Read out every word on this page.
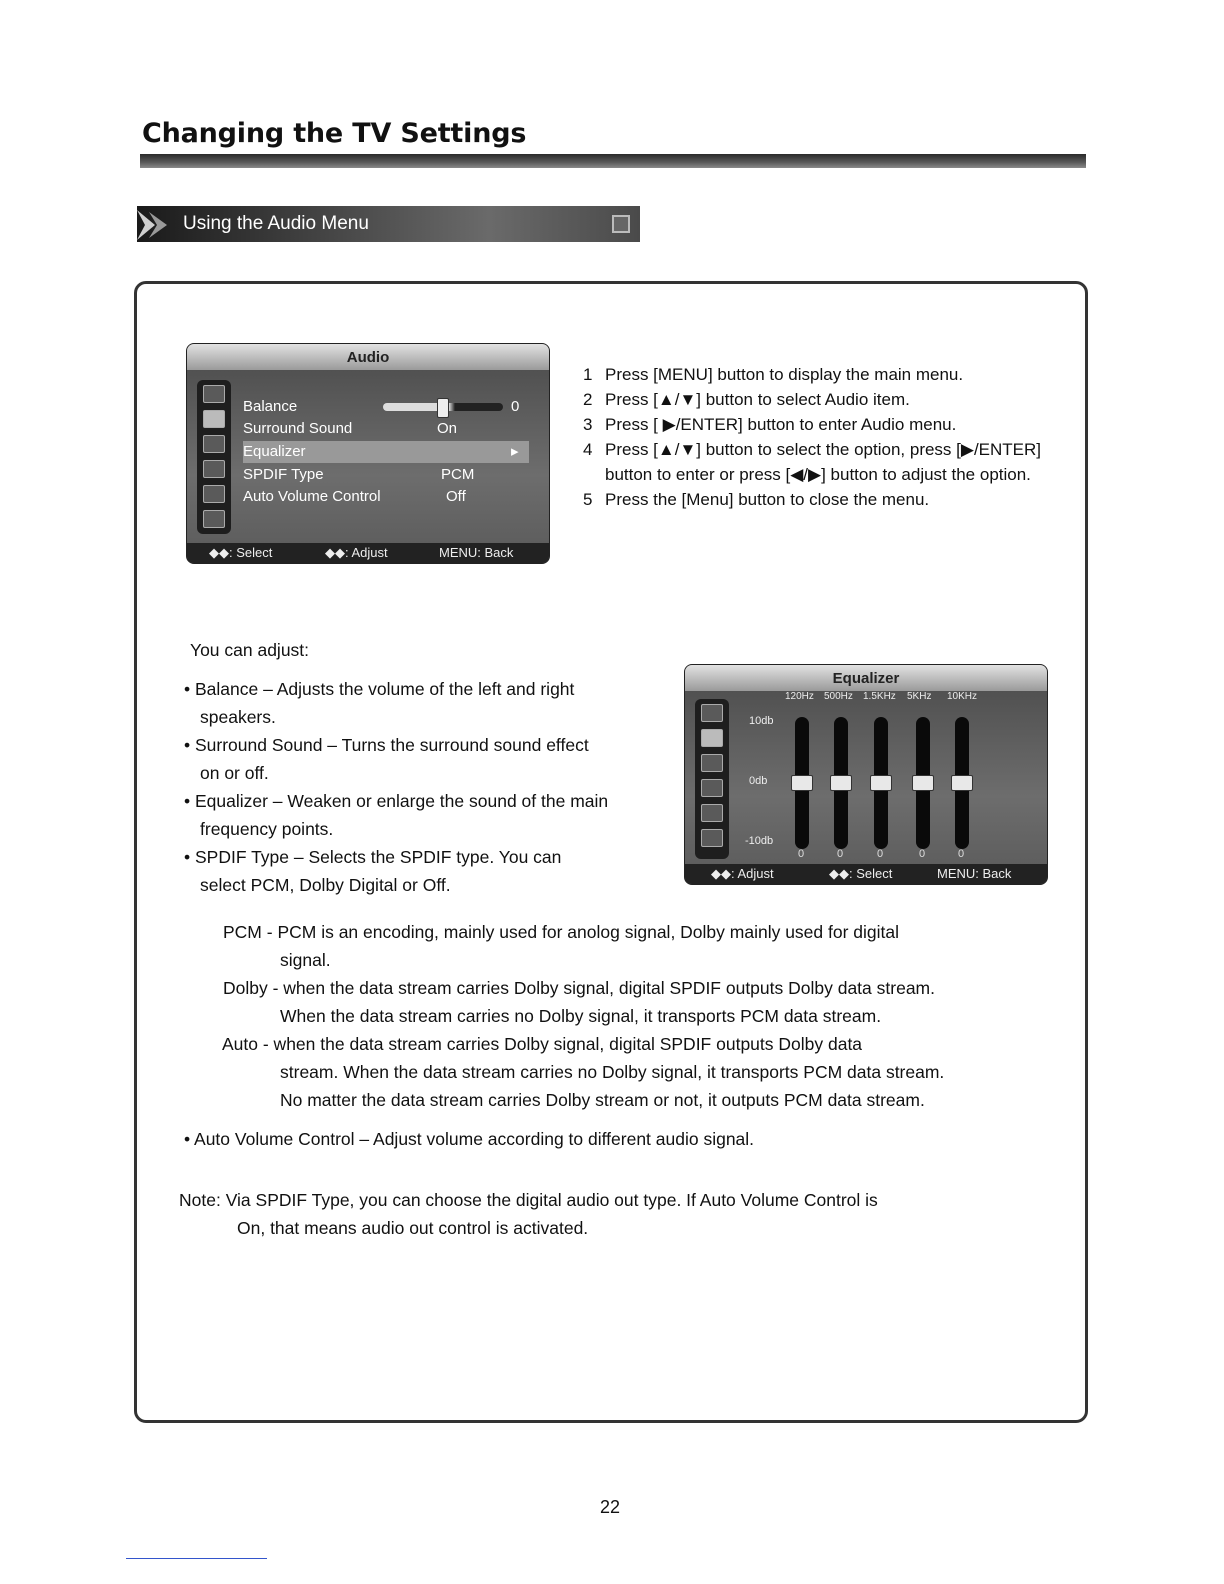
Changing the TV Settings
Using the Audio Menu
Audio
Balance	0
Surround Sound	On
Equalizer	▸
SPDIF Type	PCM
Auto Volume Control	Off
◆◆: Select	◆◆: Adjust	MENU: Back
1 Press [MENU] button to display the main menu.
2 Press [▲/▼] button to select Audio item.
3 Press [ ▶/ENTER] button to enter Audio menu.
4 Press [▲/▼] button to select the option, press [▶/ENTER] button to enter or press [◀/▶] button to adjust the option.
5 Press the [Menu] button to close the menu.
You can adjust:
• Balance – Adjusts the volume of the left and right
speakers.
• Surround Sound – Turns the surround sound effect
on or off.
• Equalizer – Weaken or enlarge the sound of the main
frequency points.
• SPDIF Type – Selects the SPDIF type. You can
select PCM, Dolby Digital or Off.
Equalizer
10db
0db
-10db
120Hz 500Hz 1.5KHz 5KHz 10KHz
0	0	0	0	0
◆◆: Adjust	◆◆: Select	MENU: Back
PCM - PCM is an encoding, mainly used for anolog signal, Dolby mainly used for digital
signal.
Dolby - when the data stream carries Dolby signal, digital SPDIF outputs Dolby data stream.
When the data stream carries no Dolby signal, it transports PCM data stream.
Auto - when the data stream carries Dolby signal, digital SPDIF outputs Dolby data
stream. When the data stream carries no Dolby signal, it transports PCM data stream.
No matter the data stream carries Dolby stream or not, it outputs PCM data stream.
• Auto Volume Control – Adjust volume according to different audio signal.
Note: Via SPDIF Type, you can choose the digital audio out type. If Auto Volume Control is
On, that means audio out control is activated.
22
